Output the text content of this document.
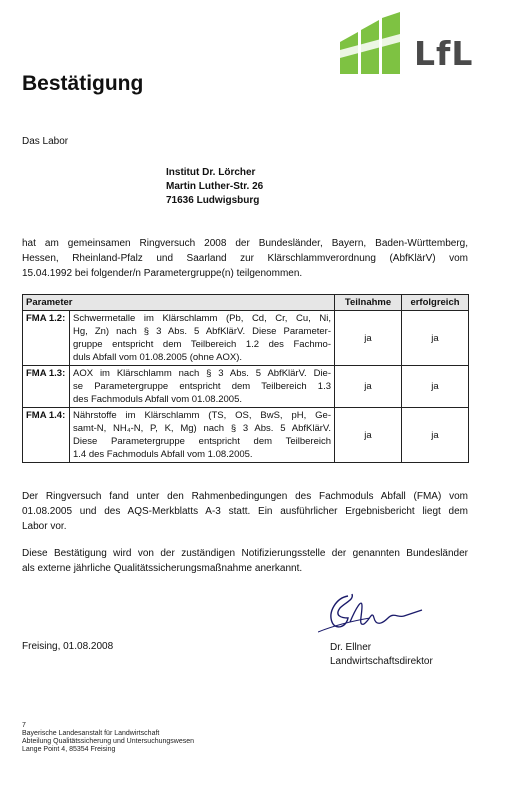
LfL
Bestätigung
Das Labor
Institut Dr. Lörcher
Martin Luther-Str. 26
71636 Ludwigsburg
hat am gemeinsamen Ringversuch 2008 der Bundesländer, Bayern, Baden-Württemberg,
Hessen, Rheinland-Pfalz und Saarland zur Klärschlammverordnung (AbfKlärV) vom
15.04.1992 bei folgender/n Parametergruppe(n) teilgenommen.
Parameter		Teilnahme	erfolgreich
FMA 1.2:	Schwermetalle im Klärschlamm (Pb, Cd, Cr, Cu, Ni,
Hg, Zn) nach § 3 Abs. 5 AbfKlärV. Diese Parameter-
gruppe entspricht dem Teilbereich 1.2 des Fachmo-
duls Abfall vom 01.08.2005 (ohne AOX).	ja	ja
FMA 1.3:	AOX im Klärschlamm nach § 3 Abs. 5 AbfKlärV. Die-
se Parametergruppe entspricht dem Teilbereich 1.3
des Fachmoduls Abfall vom 01.08.2005.	ja	ja
FMA 1.4:	Nährstoffe im Klärschlamm (TS, OS, BwS, pH, Ge-
samt-N, NH₄-N, P, K, Mg) nach § 3 Abs. 5 AbfKlärV.
Diese Parametergruppe entspricht dem Teilbereich
1.4 des Fachmoduls Abfall vom 1.08.2005.	ja	ja
Der Ringversuch fand unter den Rahmenbedingungen des Fachmoduls Abfall (FMA) vom
01.08.2005 und des AQS-Merkblatts A-3 statt. Ein ausführlicher Ergebnisbericht liegt dem
Labor vor.
Diese Bestätigung wird von der zuständigen Notifizierungsstelle der genannten Bundesländer
als externe jährliche Qualitätssicherungsmaßnahme anerkannt.
Freising, 01.08.2008	Dr. Ellner
Landwirtschaftsdirektor
7
Bayerische Landesanstalt für Landwirtschaft
Abteilung Qualitätssicherung und Untersuchungswesen
Lange Point 4, 85354 Freising
